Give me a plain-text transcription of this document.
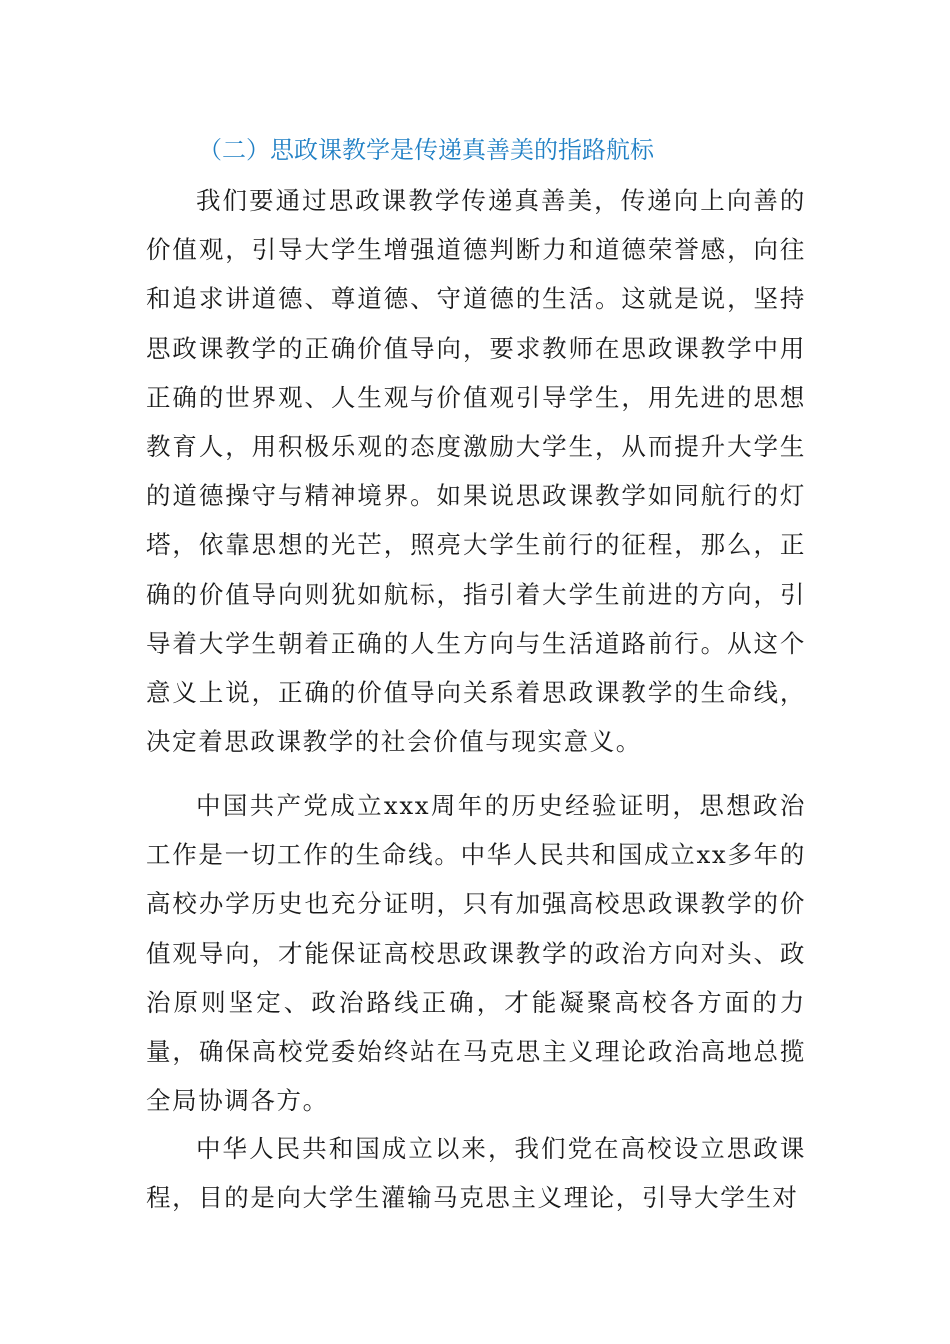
（二）思政课教学是传递真善美的指路航标
我们要通过思政课教学传递真善美，传递向上向善的价值观，引导大学生增强道德判断力和道德荣誉感，向往和追求讲道德、尊道德、守道德的生活。这就是说，坚持思政课教学的正确价值导向，要求教师在思政课教学中用正确的世界观、人生观与价值观引导学生，用先进的思想教育人，用积极乐观的态度激励大学生，从而提升大学生的道德操守与精神境界。如果说思政课教学如同航行的灯塔，依靠思想的光芒，照亮大学生前行的征程，那么，正确的价值导向则犹如航标，指引着大学生前进的方向，引导着大学生朝着正确的人生方向与生活道路前行。从这个意义上说，正确的价值导向关系着思政课教学的生命线，决定着思政课教学的社会价值与现实意义。
中国共产党成立xxx周年的历史经验证明，思想政治工作是一切工作的生命线。中华人民共和国成立xx多年的高校办学历史也充分证明，只有加强高校思政课教学的价值观导向，才能保证高校思政课教学的政治方向对头、政治原则坚定、政治路线正确，才能凝聚高校各方面的力量，确保高校党委始终站在马克思主义理论政治高地总揽全局协调各方。
中华人民共和国成立以来，我们党在高校设立思政课程，目的是向大学生灌输马克思主义理论，引导大学生对
